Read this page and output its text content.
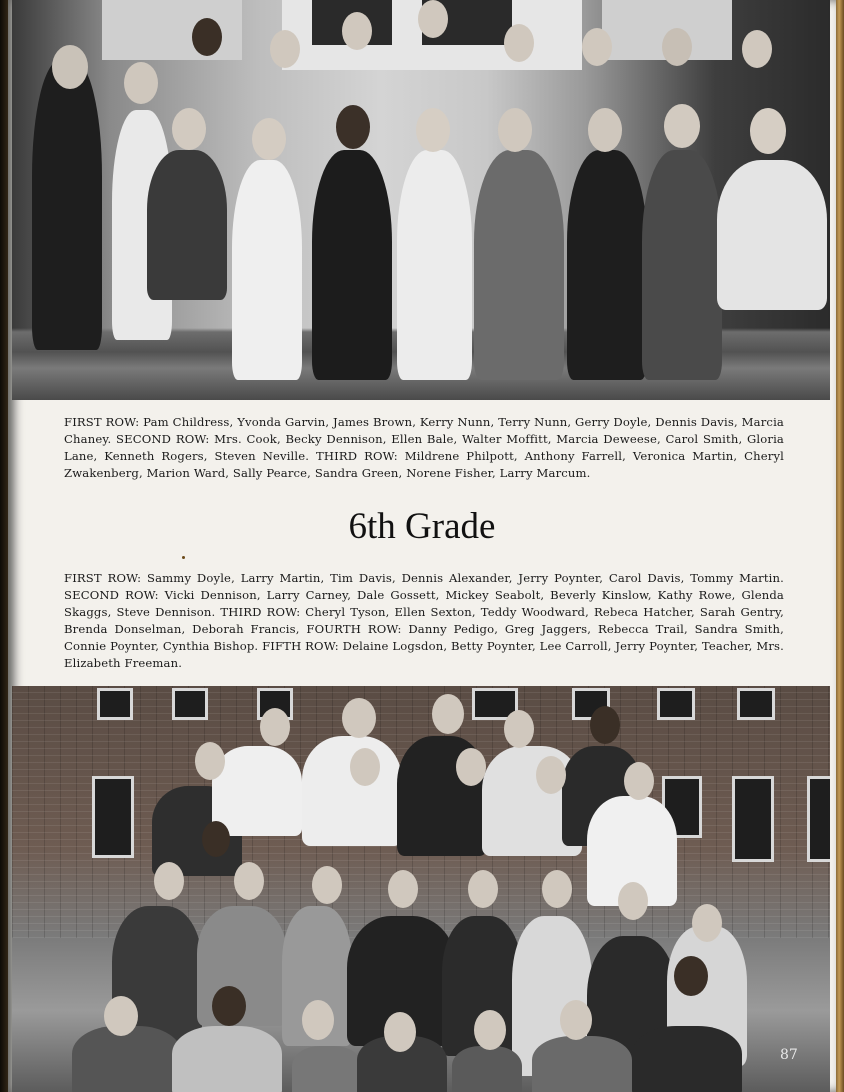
FIRST ROW: Pam Childress, Yvonda Garvin, James Brown, Kerry Nunn, Terry Nunn, Gerry Doyle, Dennis Davis, Marcia Chaney. SECOND ROW: Mrs. Cook, Becky Dennison, Ellen Bale, Walter Moffitt, Marcia Deweese, Carol Smith, Gloria Lane, Kenneth Rogers, Steven Neville. THIRD ROW: Mildrene Philpott, Anthony Farrell, Veronica Martin, Cheryl Zwakenberg, Marion Ward, Sally Pearce, Sandra Green, Norene Fisher, Larry Marcum.
6th Grade
FIRST ROW: Sammy Doyle, Larry Martin, Tim Davis, Dennis Alexander, Jerry Poynter, Carol Davis, Tommy Martin. SECOND ROW: Vicki Dennison, Larry Carney, Dale Gossett, Mickey Seabolt, Beverly Kinslow, Kathy Rowe, Glenda Skaggs, Steve Dennison. THIRD ROW: Cheryl Tyson, Ellen Sexton, Teddy Woodward, Rebeca Hatcher, Sarah Gentry, Brenda Donselman, Deborah Francis, FOURTH ROW: Danny Pedigo, Greg Jaggers, Rebecca Trail, Sandra Smith, Connie Poynter, Cynthia Bishop. FIFTH ROW: Delaine Logsdon, Betty Poynter, Lee Carroll, Jerry Poynter, Teacher, Mrs. Elizabeth Freeman.
87
